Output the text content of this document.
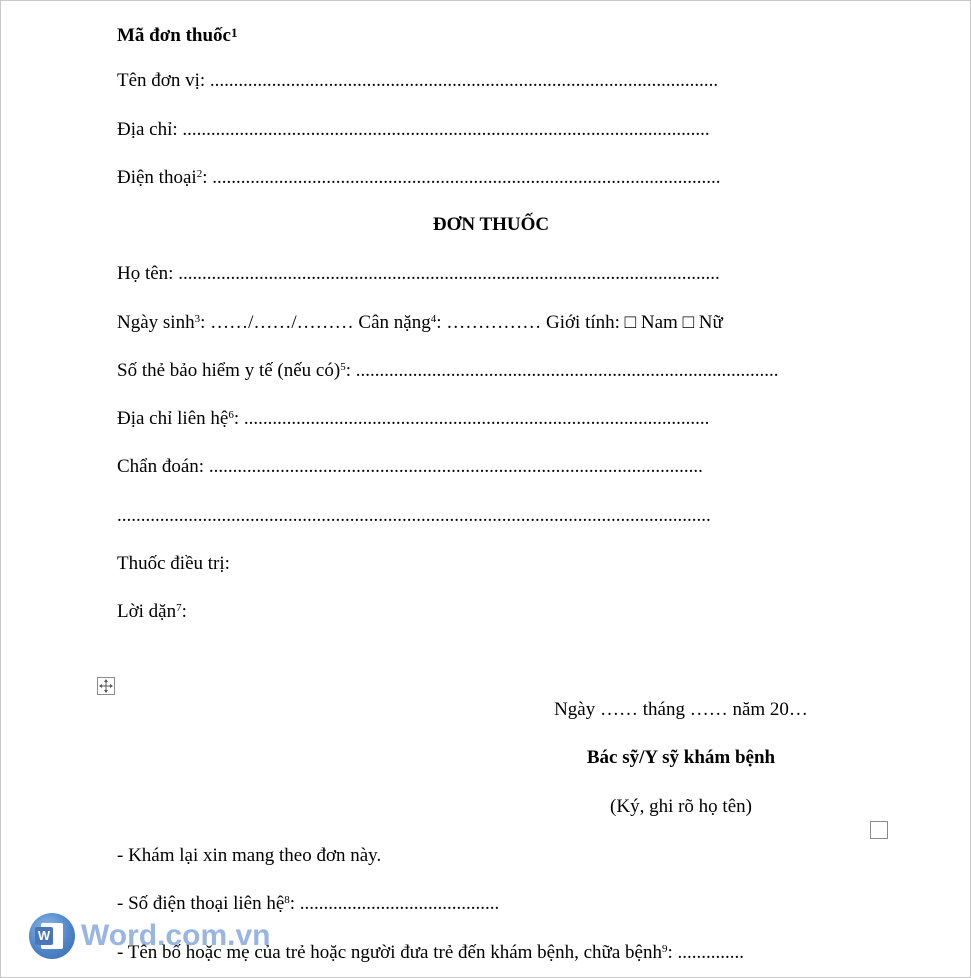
Mã đơn thuốc$^1$
Tên đơn vị: ...........................................................................................................
Địa chỉ: ...............................................................................................................
Điện thoại$^2$: ...........................................................................................................
ĐƠN THUỐC
Họ tên: ..................................................................................................................
Ngày $\sinh^3$: ……/……/……… Cân nặng$^4$: …………… Giới tính: □ Nam □ Nữ
Số thẻ bảo hiểm y tế (nếu có)$^5$: .........................................................................................
Địa chỉ liên hệ$^6$: ..................................................................................................
Chẩn đoán: ........................................................................................................
.............................................................................................................................
Thuốc điều trị:
Lời dặn$^7$:
Ngày …… tháng …… năm 20…
Bác sỹ/Y sỹ khám bệnh
(Ký, ghi rõ họ tên)
- Khám lại xin mang theo đơn này.
- Số điện thoại liên hệ$^8$: ..........................................
- Tên bố hoặc mẹ của trẻ hoặc người đưa trẻ đến khám bệnh, chữa bệnh$^9$: ..............
W Word.com.vn
